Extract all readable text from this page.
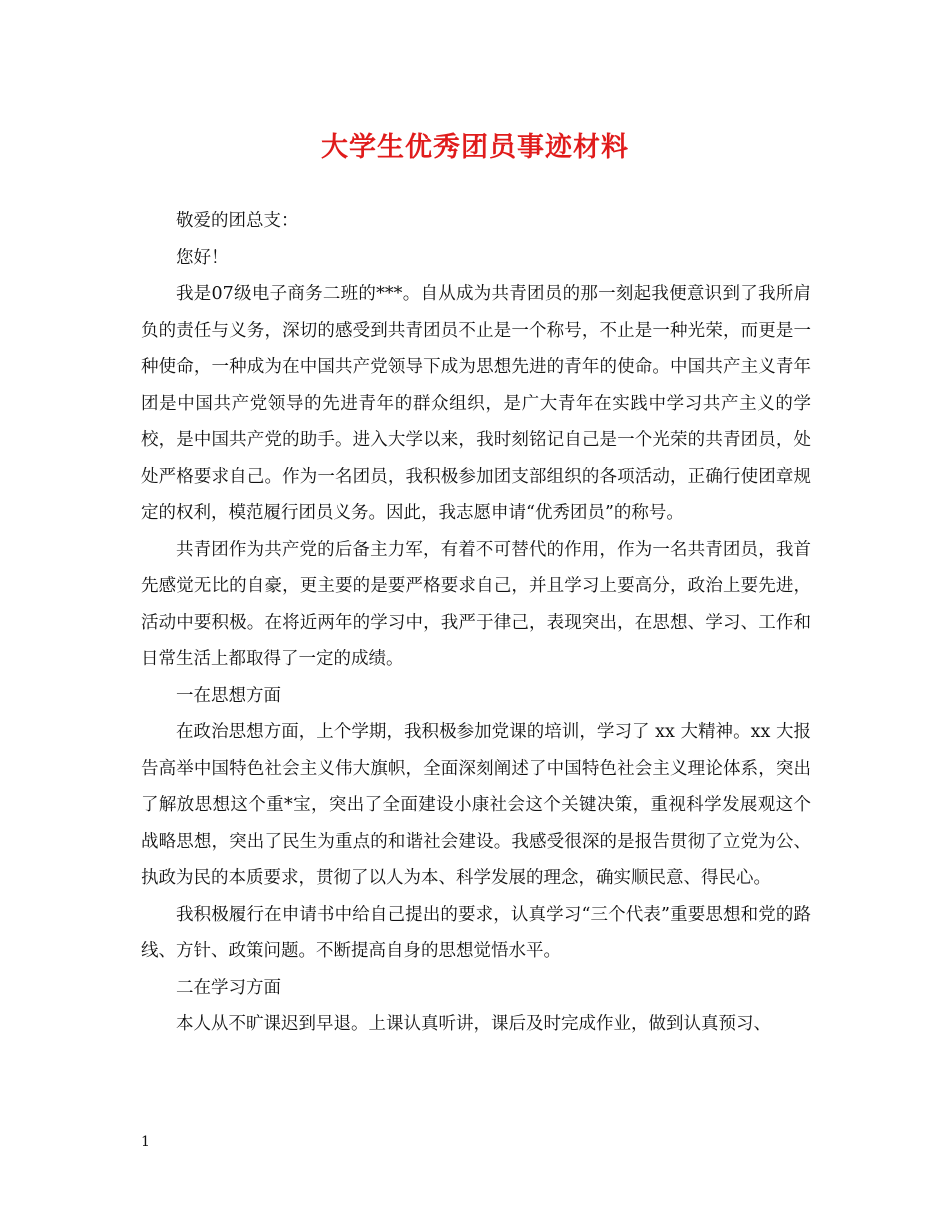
大学生优秀团员事迹材料

敬爱的团总支：

您好！

我是07级电子商务二班的***。自从成为共青团员的那一刻起我便意识到了我所肩负的责任与义务，深切的感受到共青团员不止是一个称号，不止是一种光荣，而更是一种使命，一种成为在中国共产党领导下成为思想先进的青年的使命。中国共产主义青年团是中国共产党领导的先进青年的群众组织，是广大青年在实践中学习共产主义的学校，是中国共产党的助手。进入大学以来，我时刻铭记自己是一个光荣的共青团员，处处严格要求自己。作为一名团员，我积极参加团支部组织的各项活动，正确行使团章规定的权利，模范履行团员义务。因此，我志愿申请“优秀团员”的称号。

共青团作为共产党的后备主力军，有着不可替代的作用，作为一名共青团员，我首先感觉无比的自豪，更主要的是要严格要求自己，并且学习上要高分，政治上要先进，活动中要积极。在将近两年的学习中，我严于律己，表现突出，在思想、学习、工作和日常生活上都取得了一定的成绩。

一在思想方面

在政治思想方面，上个学期，我积极参加党课的培训，学习了 xx 大精神。xx 大报告高举中国特色社会主义伟大旗帜，全面深刻阐述了中国特色社会主义理论体系，突出了解放思想这个重*宝，突出了全面建设小康社会这个关键决策，重视科学发展观这个战略思想，突出了民生为重点的和谐社会建设。我感受很深的是报告贯彻了立党为公、执政为民的本质要求，贯彻了以人为本、科学发展的理念，确实顺民意、得民心。

我积极履行在申请书中给自己提出的要求，认真学习“三个代表”重要思想和党的路线、方针、政策问题。不断提高自身的思想觉悟水平。

二在学习方面

本人从不旷课迟到早退。上课认真听讲，课后及时完成作业，做到认真预习、

1
